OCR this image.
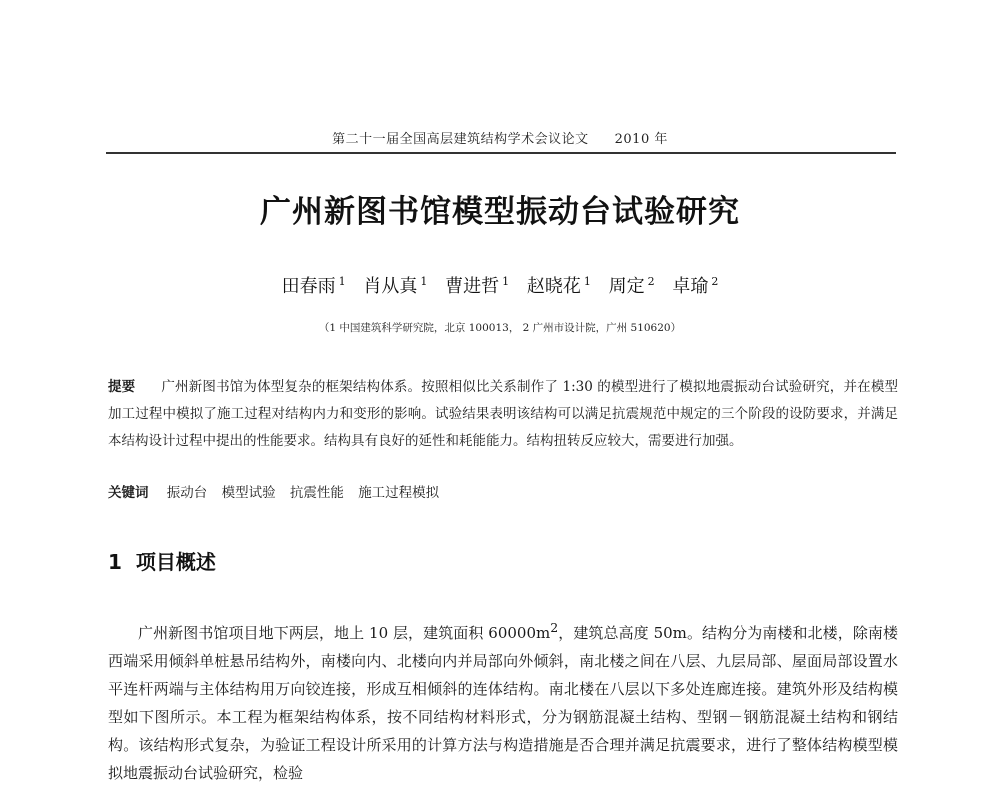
第二十一届全国高层建筑结构学术会议论文 2010 年
广州新图书馆模型振动台试验研究
田春雨 $^1$ 肖从真 $^1$ 曹进哲 $^1$ 赵晓花 $^1$ 周定 $^2$ 卓瑜 $^2$
（1 中国建筑科学研究院，北京 100013， 2 广州市设计院，广州 510620）
提要 广州新图书馆为体型复杂的框架结构体系。按照相似比关系制作了 1:30 的模型进行了模拟地震振动台试验研究，并在模型加工过程中模拟了施工过程对结构内力和变形的影响。试验结果表明该结构可以满足抗震规范中规定的三个阶段的设防要求，并满足本结构设计过程中提出的性能要求。结构具有良好的延性和耗能能力。结构扭转反应较大，需要进行加强。
关键词 振动台 模型试验 抗震性能 施工过程模拟
1 项目概述
广州新图书馆项目地下两层，地上 10 层，建筑面积 $60000m^2$，建筑总高度 50m。结构分为南楼和北楼，除南楼西端采用倾斜单桩悬吊结构外，南楼向内、北楼向内并局部向外倾斜，南北楼之间在八层、九层局部、屋面局部设置水平连杆两端与主体结构用万向铰连接，形成互相倾斜的连体结构。南北楼在八层以下多处连廊连接。建筑外形及结构模型如下图所示。本工程为框架结构体系，按不同结构材料形式，分为钢筋混凝土结构、型钢－钢筋混凝土结构和钢结构。该结构形式复杂，为验证工程设计所采用的计算方法与构造措施是否合理并满足抗震要求，进行了整体结构模型模拟地震振动台试验研究，检验
